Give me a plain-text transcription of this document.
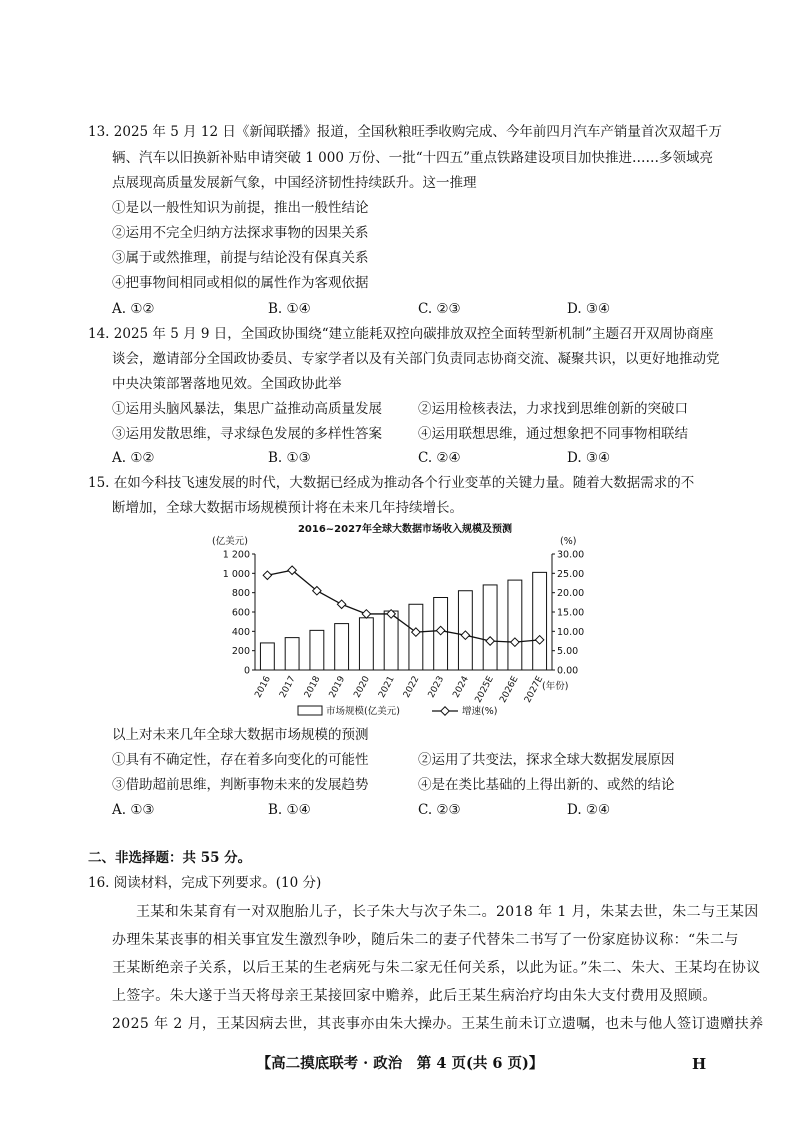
13. 2025 年 5 月 12 日《新闻联播》报道，全国秋粮旺季收购完成、今年前四月汽车产销量首次双超千万
辆、汽车以旧换新补贴申请突破 1 000 万份、一批“十四五”重点铁路建设项目加快推进……多领域亮
点展现高质量发展新气象，中国经济韧性持续跃升。这一推理
①是以一般性知识为前提，推出一般性结论
②运用不完全归纳方法探求事物的因果关系
③属于或然推理，前提与结论没有保真关系
④把事物间相同或相似的属性作为客观依据
A. ①②	B. ①④	C. ②③	D. ③④
14. 2025 年 5 月 9 日，全国政协围绕“建立能耗双控向碳排放双控全面转型新机制”主题召开双周协商座
谈会，邀请部分全国政协委员、专家学者以及有关部门负责同志协商交流、凝聚共识，以更好地推动党
中央决策部署落地见效。全国政协此举
①运用头脑风暴法，集思广益推动高质量发展	②运用检核表法，力求找到思维创新的突破口
③运用发散思维，寻求绿色发展的多样性答案	④运用联想思维，通过想象把不同事物相联结
A. ①②	B. ①③	C. ②④	D. ③④
15. 在如今科技飞速发展的时代，大数据已经成为推动各个行业变革的关键力量。随着大数据需求的不
断增加，全球大数据市场规模预计将在未来几年持续增长。
2016~2027年全球大数据市场收入规模及预测
(亿美元)	(%)
0
200
400
600
800
1 000
1 200
0.00
5.00
10.00
15.00
20.00
25.00
30.00
2016 2017 2018 2019 2020 2021 2022 2023 2024 2025E 2026E 2027E
(年份)
市场规模(亿美元)	增速(%)
以上对未来几年全球大数据市场规模的预测
①具有不确定性，存在着多向变化的可能性	②运用了共变法，探求全球大数据发展原因
③借助超前思维，判断事物未来的发展趋势	④是在类比基础的上得出新的、或然的结论
A. ①③	B. ①④	C. ②③	D. ②④
二、非选择题：共 55 分。
16. 阅读材料，完成下列要求。(10 分)
王某和朱某育有一对双胞胎儿子，长子朱大与次子朱二。2018 年 1 月，朱某去世，朱二与王某因
办理朱某丧事的相关事宜发生激烈争吵，随后朱二的妻子代替朱二书写了一份家庭协议称：“朱二与
王某断绝亲子关系，以后王某的生老病死与朱二家无任何关系，以此为证。”朱二、朱大、王某均在协议
上签字。朱大遂于当天将母亲王某接回家中赡养，此后王某生病治疗均由朱大支付费用及照顾。
2025 年 2 月，王某因病去世，其丧事亦由朱大操办。王某生前未订立遗嘱，也未与他人签订遗赠扶养
【高二摸底联考 · 政治　第 4 页(共 6 页)】	H
